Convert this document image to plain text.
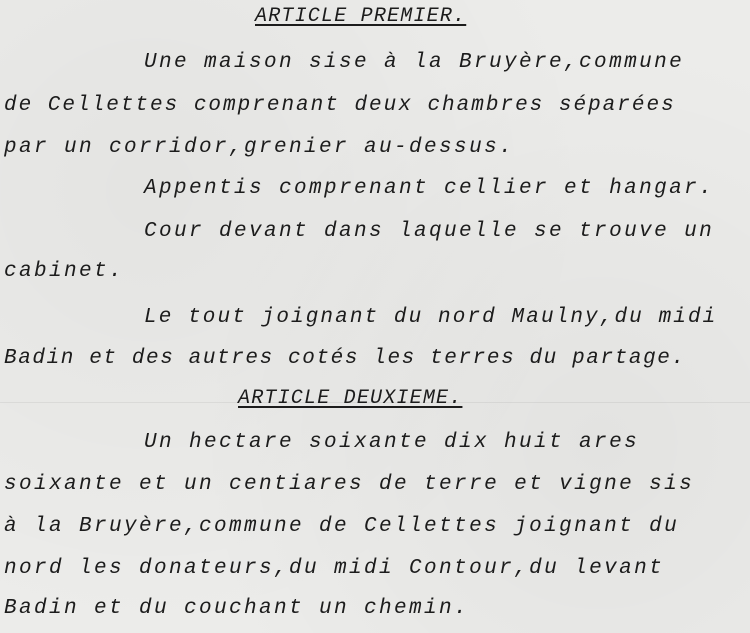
ARTICLE PREMIER.
Une maison sise à la Bruyère,commune
de Cellettes comprenant deux chambres séparées
par un corridor,grenier au-dessus.
Appentis comprenant cellier et hangar.
Cour devant dans laquelle se trouve un
cabinet.
Le tout joignant du nord Maulny,du midi
Badin et des autres cotés les terres du partage.
ARTICLE DEUXIEME.
Un hectare soixante dix huit ares
soixante et un centiares de terre et vigne sis
à la Bruyère,commune de Cellettes joignant du
nord les donateurs,du midi Contour,du levant
Badin et du couchant un chemin.
